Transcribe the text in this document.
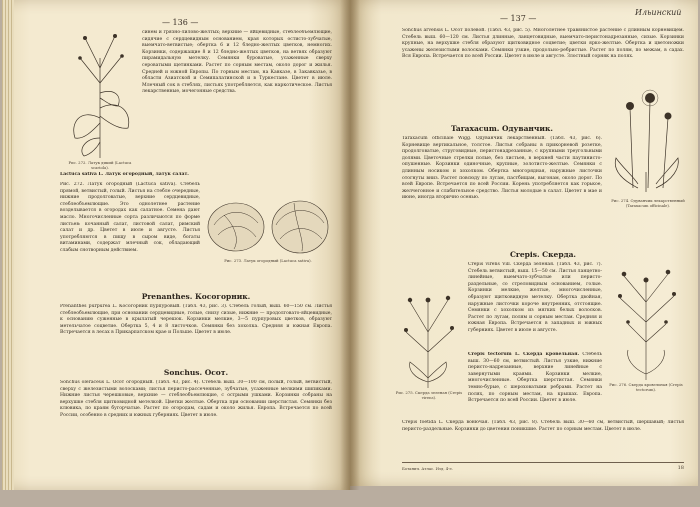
— 136 —
Рис. 272. Латук дикий (Lactuca scariola).
синем и грязно-лилово-желтых; верхние — яйцевидные, стеблеобъемлющие, сидячие с сердцевидным основанием, края которых остисто-зубчатые, выемчато-ветвистые; обертка 6 и 12 бледно-желтых цветков, немногих. Корзинки, содержащие 8 и 12 бледно-желтых цветков, на ветвях образуют пирамидальную метелку. Семянки буроватые, усаженные сверху сероватыми щетинками. Растет по сорным местам, около дорог и жилья. Средней и южной Европы. По горным местам, на Кавказе, в Закавказье, в области Азиатской и Семипалатинской и в Туркестане. Цветет в июле. Млечный сок в стеблях, листьях употребляется, как наркотическое. Листья лекарственные, мочегонные средства.
Lactuca sativa L. Латук огородный, латук салат.
Рис. 272. Латук огородный (Lactuca sativa). Стебель прямой, ветвистый, голый. Листья на стебле очередные, нижние продолговатые, верхние сердцевидные, стеблеобъемлющие. Это однолетнее растение возделывается в огородах как салатное. Семена дают масло. Многочисленные сорта различаются по форме листьев: кочанный салат, листовой салат, римский салат и др. Цветет в июле и августе. Листья употребляются в пищу в сыром виде, богаты витаминами, содержат млечный сок, обладающий слабым снотворным действием.
Рис. 273. Латук огородный (Lactuca sativa).
Prenanthes. Косогорник.
Prenanthes purpurea L. Косогорник пурпуровый. (Табл. 43, рис. 3). Стебель голый, выш. 60—150 см. Листья стеблеобъемлющие, при основании сердцевидные, голые, снизу сизые, нижние — продолговато-яйцевидные, к основанию суженные в крылатый черешок. Корзинки мелкие, 3—5 пурпуровых цветков, образуют метельчатое соцветие. Обертка 5, 4 и 8 листочков. Семянки без хохолка. Средняя и южная Европа. Встречается в лесах в Прикарпатском крае и Польше. Цветет в июле.
Sonchus. Осот.
Sonchus oleraceus L. Осот огородный. (Табл. 43, рис. 4). Стебель выш. 30—100 см, полый, голый, ветвистый, сверху с железистыми волосками; листья перисто-рассеченные, зубчатые, усаженные мелкими шипиками. Нижние листья черешковые, верхние — стеблеобъемлющие, с острыми ушками. Корзинки собраны на верхушке стебля щитковидной метелкой. Цветки желтые. Обертка при основании шерстистая. Семянки без клювика, по краям бугорчатые. Растет по огородам, садам и около жилья. Европа. Встречается по всей России, особенно в средних и южных губерниях. Цветет в июле.
— 137 —
Ильинский
Sonchus arvensis L. Осот полевой. (Табл. 43, рис. 5). Многолетнее травянистое растение с длинным корневищем. Стебель выш. 60—120 см. Листья длинные, ланцетовидные, выемчато-перистонадрезанные, сизые. Корзинки крупные, на верхушке стебля образуют щитковидное соцветие; цветки ярко-желтые. Обертка и цветоножки усажены железистыми волосками. Семянки узкие, продольно-ребристые. Растет по полям, по межам, в садах. Вся Европа. Встречается по всей России. Цветет в июле и августе. Злостный сорняк на полях.
Taraxacum. Одуванчик.
Taraxacum officinale Wigg. Одуванчик лекарственный. (Табл. 43, рис. 6). Корневище вертикальное, толстое. Листья собраны в прикорневой розетке, продолговатые, струговидные, перистонадрезанные, с крупными треугольными долями. Цветочные стрелки полые, без листьев, в верхней части паутинисто-опушенные. Корзинки одиночные, крупные, золотисто-желтые. Семянки с длинным носиком и хохолком. Обертка многорядная, наружные листочки отогнуты вниз. Растет повсюду по лугам, пастбищам, выгонам, около дорог. По всей Европе. Встречается по всей России. Корень употребляется как горькое, желчегонное и слабительное средство. Листья молодые в салат. Цветет в мае и июне, иногда вторично осенью.
Рис. 274. Одуванчик лекарственный (Taraxacum officinale).
Crepis. Скерда.
Рис. 275. Скерда зеленая (Crepis virens).
Crepis virens Vill. Скерда зеленая. (Табл. 43, рис. 7). Стебель ветвистый, выш. 15—50 см. Листья ланцетно-линейные, выемчато-зубчатые или перисто-раздельные, со стреловидным основанием, голые. Корзинки мелкие, желтые, многочисленные, образуют щитковидную метелку. Обертка двойная, наружные листочки короче внутренних, отстоящие. Семянки с хохолком из мягких белых волосков. Растет по лугам, полям и сорным местам. Средняя и южная Европа. Встречается в западных и южных губерниях. Цветет в июле и августе.
Crepis tectorum L. Скерда кровельная. Стебель выш. 30—60 см, ветвистый. Листья узкие, нижние перисто-надрезанные, верхние линейные с завернутыми краями. Корзинки мелкие, многочисленные. Обертка шерстистая. Семянки темно-бурые, с шероховатыми ребрами. Растет на полях, по сорным местам, на крышах. Европа. Встречается по всей России. Цветет в июле.
Рис. 276. Скерда кровельная (Crepis tectorum).
Crepis foetida L. Скерда вонючая. (Табл. 43, рис. 8). Стебель выш. 30—60 см, ветвистый, шершавый; листья перисто-раздельные. Корзинки до цветения поникшие. Растет по сорным местам. Цветет в июле.
Ботанич. Атлас. Изд. 4-е.	18
